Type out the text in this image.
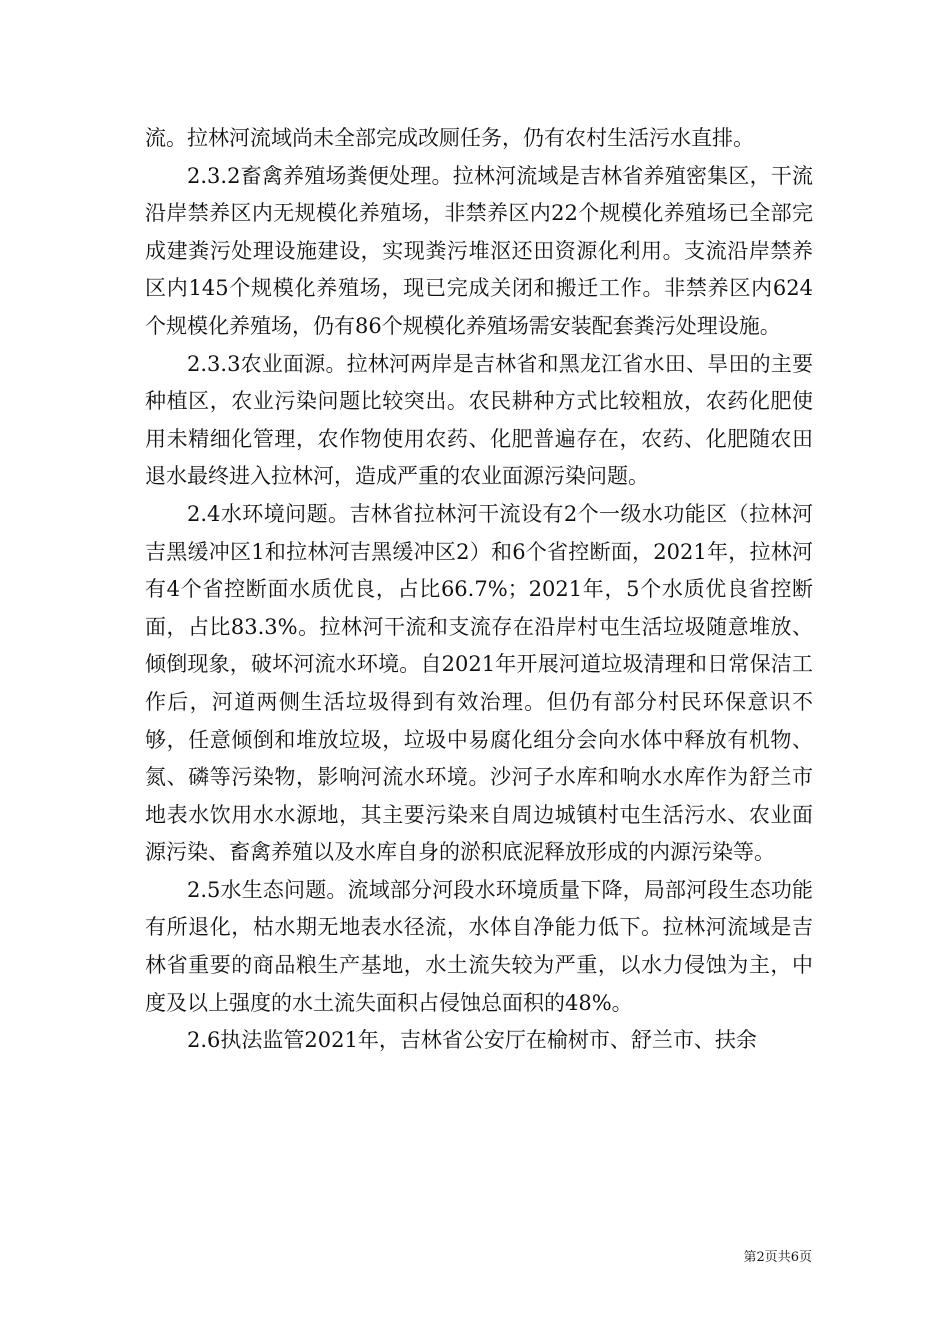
流。拉林河流域尚未全部完成改厕任务，仍有农村生活污水直排。

2.3.2畜禽养殖场粪便处理。拉林河流域是吉林省养殖密集区，干流沿岸禁养区内无规模化养殖场，非禁养区内22个规模化养殖场已全部完成建粪污处理设施建设，实现粪污堆沤还田资源化利用。支流沿岸禁养区内145个规模化养殖场，现已完成关闭和搬迁工作。非禁养区内624个规模化养殖场，仍有86个规模化养殖场需安装配套粪污处理设施。

2.3.3农业面源。拉林河两岸是吉林省和黑龙江省水田、旱田的主要种植区，农业污染问题比较突出。农民耕种方式比较粗放，农药化肥使用未精细化管理，农作物使用农药、化肥普遍存在，农药、化肥随农田退水最终进入拉林河，造成严重的农业面源污染问题。

2.4水环境问题。吉林省拉林河干流设有2个一级水功能区（拉林河吉黑缓冲区1和拉林河吉黑缓冲区2）和6个省控断面，2021年，拉林河有4个省控断面水质优良，占比66.7%；2021年，5个水质优良省控断面，占比83.3%。拉林河干流和支流存在沿岸村屯生活垃圾随意堆放、倾倒现象，破坏河流水环境。自2021年开展河道垃圾清理和日常保洁工作后，河道两侧生活垃圾得到有效治理。但仍有部分村民环保意识不够，任意倾倒和堆放垃圾，垃圾中易腐化组分会向水体中释放有机物、氮、磷等污染物，影响河流水环境。沙河子水库和响水水库作为舒兰市地表水饮用水水源地，其主要污染来自周边城镇村屯生活污水、农业面源污染、畜禽养殖以及水库自身的淤积底泥释放形成的内源污染等。

2.5水生态问题。流域部分河段水环境质量下降，局部河段生态功能有所退化，枯水期无地表水径流，水体自净能力低下。拉林河流域是吉林省重要的商品粮生产基地，水土流失较为严重，以水力侵蚀为主，中度及以上强度的水土流失面积占侵蚀总面积的48%。

2.6执法监管2021年，吉林省公安厅在榆树市、舒兰市、扶余

第2页共6页
